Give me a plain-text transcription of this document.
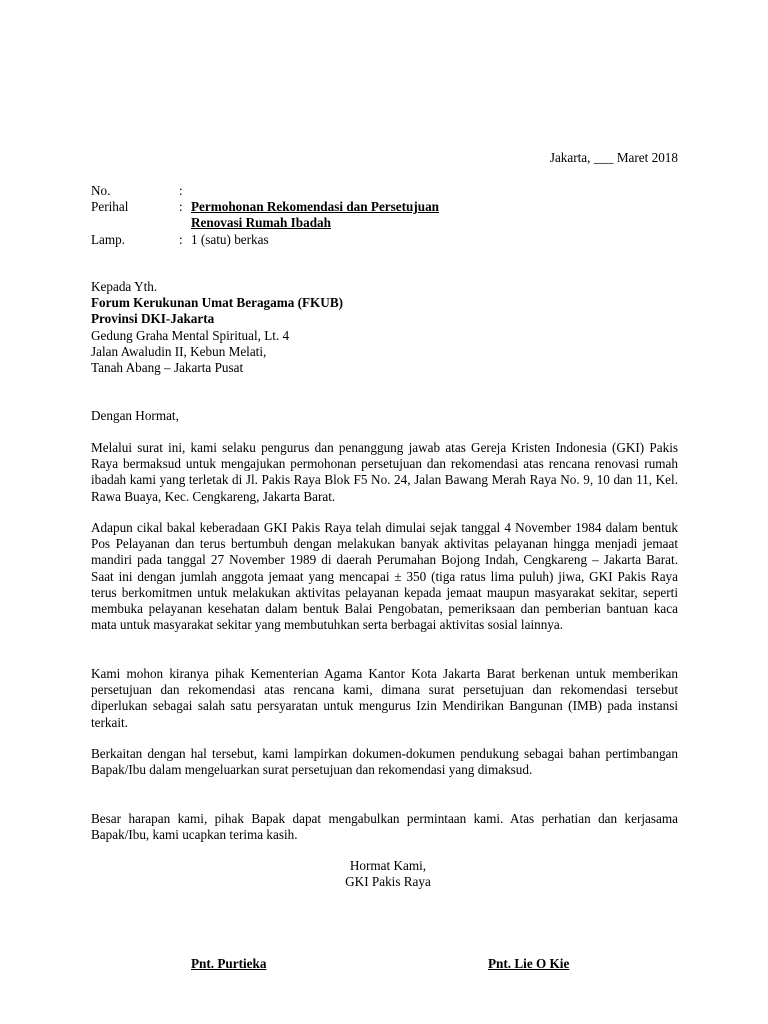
Jakarta, ___ Maret 2018
No.	:
Perihal	: Permohonan Rekomendasi dan Persetujuan
Renovasi Rumah Ibadah
Lamp.	: 1 (satu) berkas
Kepada Yth.
Forum Kerukunan Umat Beragama (FKUB)
Provinsi DKI-Jakarta
Gedung Graha Mental Spiritual, Lt. 4
Jalan Awaludin II, Kebun Melati,
Tanah Abang – Jakarta Pusat
Dengan Hormat,

Melalui surat ini, kami selaku pengurus dan penanggung jawab atas Gereja Kristen Indonesia (GKI) Pakis Raya bermaksud untuk mengajukan permohonan persetujuan dan rekomendasi atas rencana renovasi rumah ibadah kami yang terletak di Jl. Pakis Raya Blok F5 No. 24, Jalan Bawang Merah Raya No. 9, 10 dan 11, Kel. Rawa Buaya, Kec. Cengkareng, Jakarta Barat.

Adapun cikal bakal keberadaan GKI Pakis Raya telah dimulai sejak tanggal 4 November 1984 dalam bentuk Pos Pelayanan dan terus bertumbuh dengan melakukan banyak aktivitas pelayanan hingga menjadi jemaat mandiri pada tanggal 27 November 1989 di daerah Perumahan Bojong Indah, Cengkareng – Jakarta Barat. Saat ini dengan jumlah anggota jemaat yang mencapai ± 350 (tiga ratus lima puluh) jiwa, GKI Pakis Raya terus berkomitmen untuk melakukan aktivitas pelayanan kepada jemaat maupun masyarakat sekitar, seperti membuka pelayanan kesehatan dalam bentuk Balai Pengobatan, pemeriksaan dan pemberian bantuan kaca mata untuk masyarakat sekitar yang membutuhkan serta berbagai aktivitas sosial lainnya.

Kami mohon kiranya pihak Kementerian Agama Kantor Kota Jakarta Barat berkenan untuk memberikan persetujuan dan rekomendasi atas rencana kami, dimana surat persetujuan dan rekomendasi tersebut diperlukan sebagai salah satu persyaratan untuk mengurus Izin Mendirikan Bangunan (IMB) pada instansi terkait.

Berkaitan dengan hal tersebut, kami lampirkan dokumen-dokumen pendukung sebagai bahan pertimbangan Bapak/Ibu dalam mengeluarkan surat persetujuan dan rekomendasi yang dimaksud.

Besar harapan kami, pihak Bapak dapat mengabulkan permintaan kami. Atas perhatian dan kerjasama Bapak/Ibu, kami ucapkan terima kasih.

Hormat Kami,
GKI Pakis Raya
Pnt. Purtieka	Pnt. Lie O Kie
